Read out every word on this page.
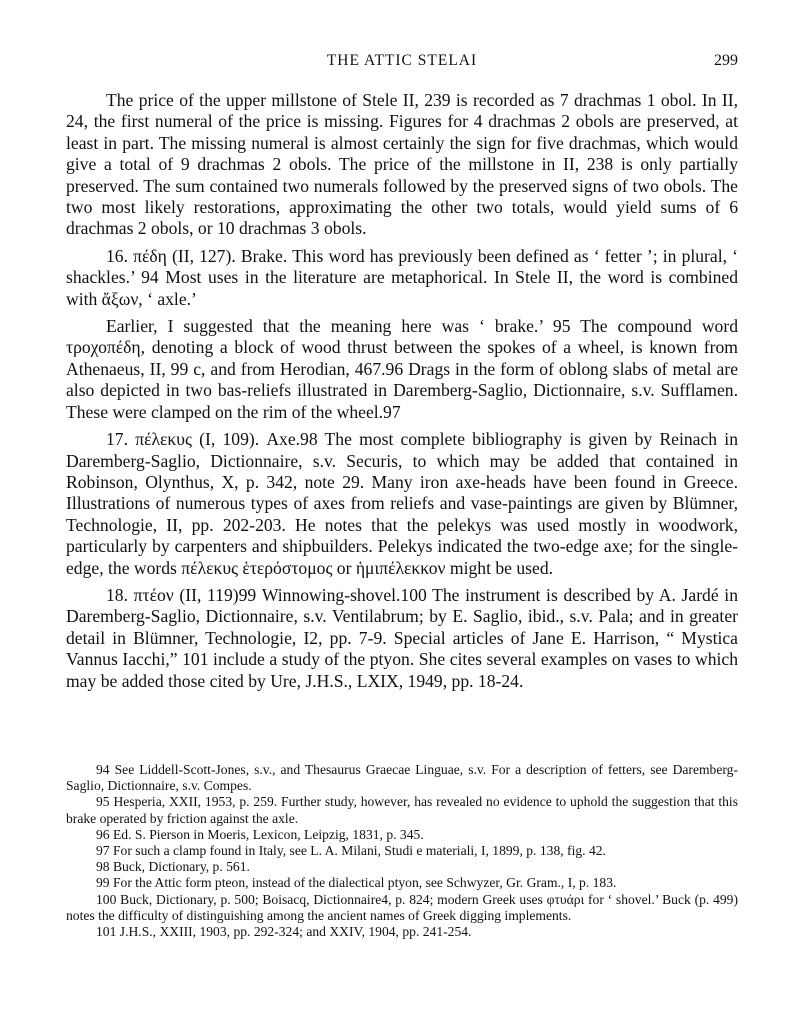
THE ATTIC STELAI	299

The price of the upper millstone of Stele II, 239 is recorded as 7 drachmas 1 obol. In II, 24, the first numeral of the price is missing. Figures for 4 drachmas 2 obols are preserved, at least in part. The missing numeral is almost certainly the sign for five drachmas, which would give a total of 9 drachmas 2 obols. The price of the millstone in II, 238 is only partially preserved. The sum contained two numerals followed by the preserved signs of two obols. The two most likely restorations, approximating the other two totals, would yield sums of 6 drachmas 2 obols, or 10 drachmas 3 obols.

16. πέδη (II, 127). Brake. This word has previously been defined as ‘ fetter ’; in plural, ‘ shackles.’ 94 Most uses in the literature are metaphorical. In Stele II, the word is combined with ἄξων, ‘ axle.’

Earlier, I suggested that the meaning here was ‘ brake.’ 95 The compound word τροχοπέδη, denoting a block of wood thrust between the spokes of a wheel, is known from Athenaeus, II, 99 c, and from Herodian, 467.96 Drags in the form of oblong slabs of metal are also depicted in two bas-reliefs illustrated in Daremberg-Saglio, Dictionnaire, s.v. Sufflamen. These were clamped on the rim of the wheel.97

17. πέλεκυς (I, 109). Axe.98 The most complete bibliography is given by Reinach in Daremberg-Saglio, Dictionnaire, s.v. Securis, to which may be added that contained in Robinson, Olynthus, X, p. 342, note 29. Many iron axe-heads have been found in Greece. Illustrations of numerous types of axes from reliefs and vase-paintings are given by Blümner, Technologie, II, pp. 202-203. He notes that the pelekys was used mostly in woodwork, particularly by carpenters and shipbuilders. Pelekys indicated the two-edge axe; for the single-edge, the words πέλεκυς ἑτερόστομος or ἡμιπέλεκκον might be used.

18. πτέον (II, 119)99 Winnowing-shovel.100 The instrument is described by A. Jardé in Daremberg-Saglio, Dictionnaire, s.v. Ventilabrum; by E. Saglio, ibid., s.v. Pala; and in greater detail in Blümner, Technologie, I2, pp. 7-9. Special articles of Jane E. Harrison, “ Mystica Vannus Iacchi,” 101 include a study of the ptyon. She cites several examples on vases to which may be added those cited by Ure, J.H.S., LXIX, 1949, pp. 18-24.

94 See Liddell-Scott-Jones, s.v., and Thesaurus Graecae Linguae, s.v. For a description of fetters, see Daremberg-Saglio, Dictionnaire, s.v. Compes.

95 Hesperia, XXII, 1953, p. 259. Further study, however, has revealed no evidence to uphold the suggestion that this brake operated by friction against the axle.

96 Ed. S. Pierson in Moeris, Lexicon, Leipzig, 1831, p. 345.

97 For such a clamp found in Italy, see L. A. Milani, Studi e materiali, I, 1899, p. 138, fig. 42.

98 Buck, Dictionary, p. 561.

99 For the Attic form pteon, instead of the dialectical ptyon, see Schwyzer, Gr. Gram., I, p. 183.

100 Buck, Dictionary, p. 500; Boisacq, Dictionnaire4, p. 824; modern Greek uses φτυάρι for ‘ shovel.’ Buck (p. 499) notes the difficulty of distinguishing among the ancient names of Greek digging implements.

101 J.H.S., XXIII, 1903, pp. 292-324; and XXIV, 1904, pp. 241-254.
